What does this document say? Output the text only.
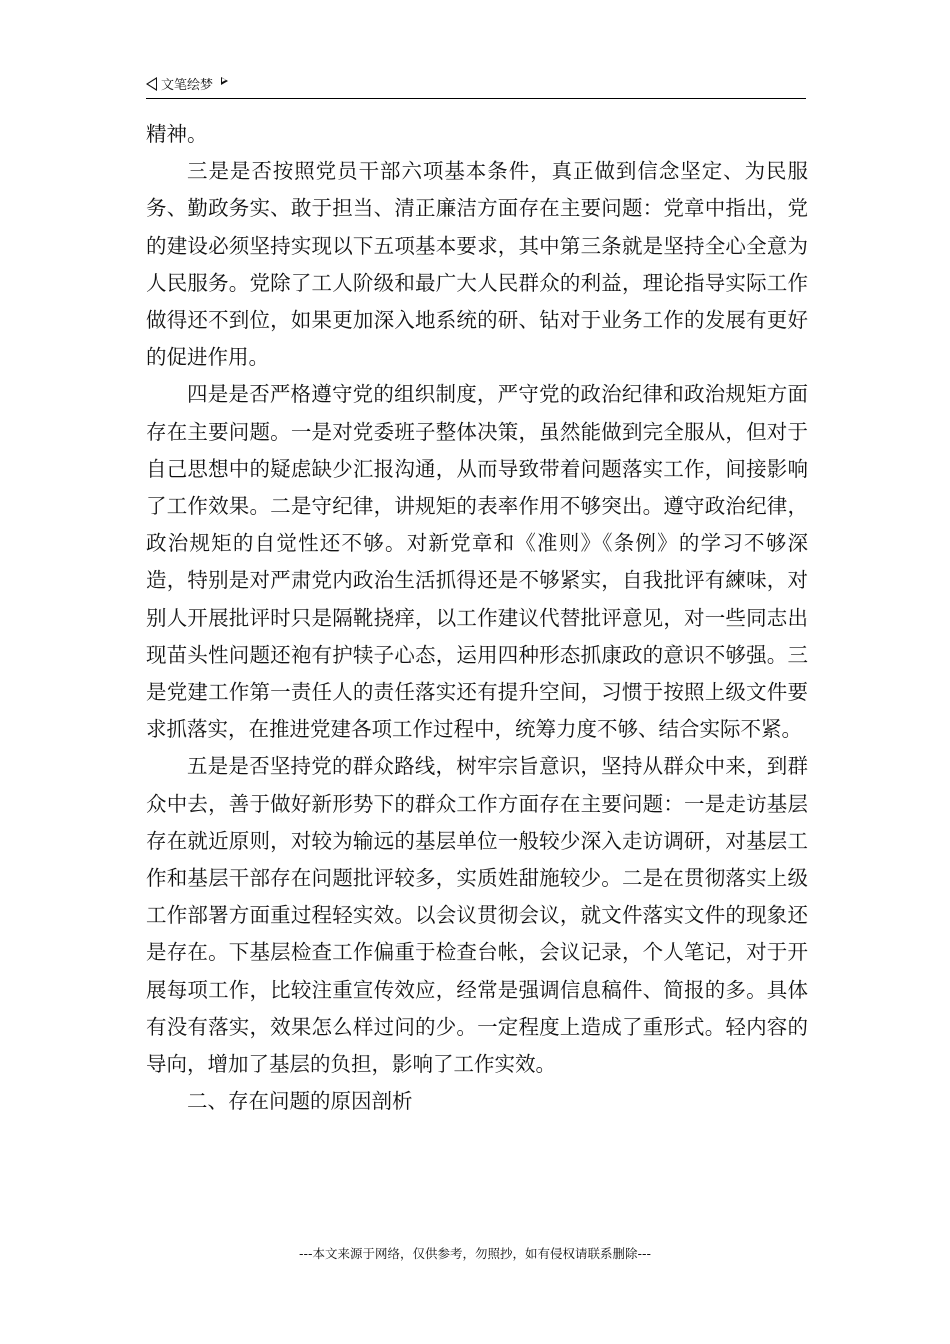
文笔绘梦

精神。

三是是否按照党员干部六项基本条件，真正做到信念坚定、为民服务、勤政务实、敢于担当、清正廉洁方面存在主要问题：党章中指出，党的建设必须坚持实现以下五项基本要求，其中第三条就是坚持全心全意为人民服务。党除了工人阶级和最广大人民群众的利益，理论指导实际工作做得还不到位，如果更加深入地系统的研、钻对于业务工作的发展有更好的促进作用。

四是是否严格遵守党的组织制度，严守党的政治纪律和政治规矩方面存在主要问题。一是对党委班子整体决策，虽然能做到完全服从，但对于自己思想中的疑虑缺少汇报沟通，从而导致带着问题落实工作，间接影响了工作效果。二是守纪律，讲规矩的表率作用不够突出。遵守政治纪律，政治规矩的自觉性还不够。对新党章和《准则》《条例》的学习不够深造，特别是对严肃党内政治生活抓得还是不够紧实，自我批评有練味，对别人开展批评时只是隔靴挠痒，以工作建议代替批评意见，对一些同志出现苗头性问题还袍有护犊子心态，运用四种形态抓康政的意识不够强。三是党建工作第一责任人的责任落实还有提升空间，习惯于按照上级文件要求抓落实，在推进党建各项工作过程中，统筹力度不够、结合实际不紧。

五是是否坚持党的群众路线，树牢宗旨意识，坚持从群众中来，到群众中去，善于做好新形势下的群众工作方面存在主要问题：一是走访基层存在就近原则，对较为输远的基层单位一般较少深入走访调研，对基层工作和基层干部存在问题批评较多，实质姓甜施较少。二是在贯彻落实上级工作部署方面重过程轻实效。以会议贯彻会议，就文件落实文件的现象还是存在。下基层检查工作偏重于检查台帐，会议记录，个人笔记，对于开展每项工作，比较注重宣传效应，经常是强调信息稿件、简报的多。具体有没有落实，效果怎么样过问的少。一定程度上造成了重形式。轻内容的导向，增加了基层的负担，影响了工作实效。

二、存在问题的原因剖析

---本文来源于网络，仅供参考，勿照抄，如有侵权请联系删除---
